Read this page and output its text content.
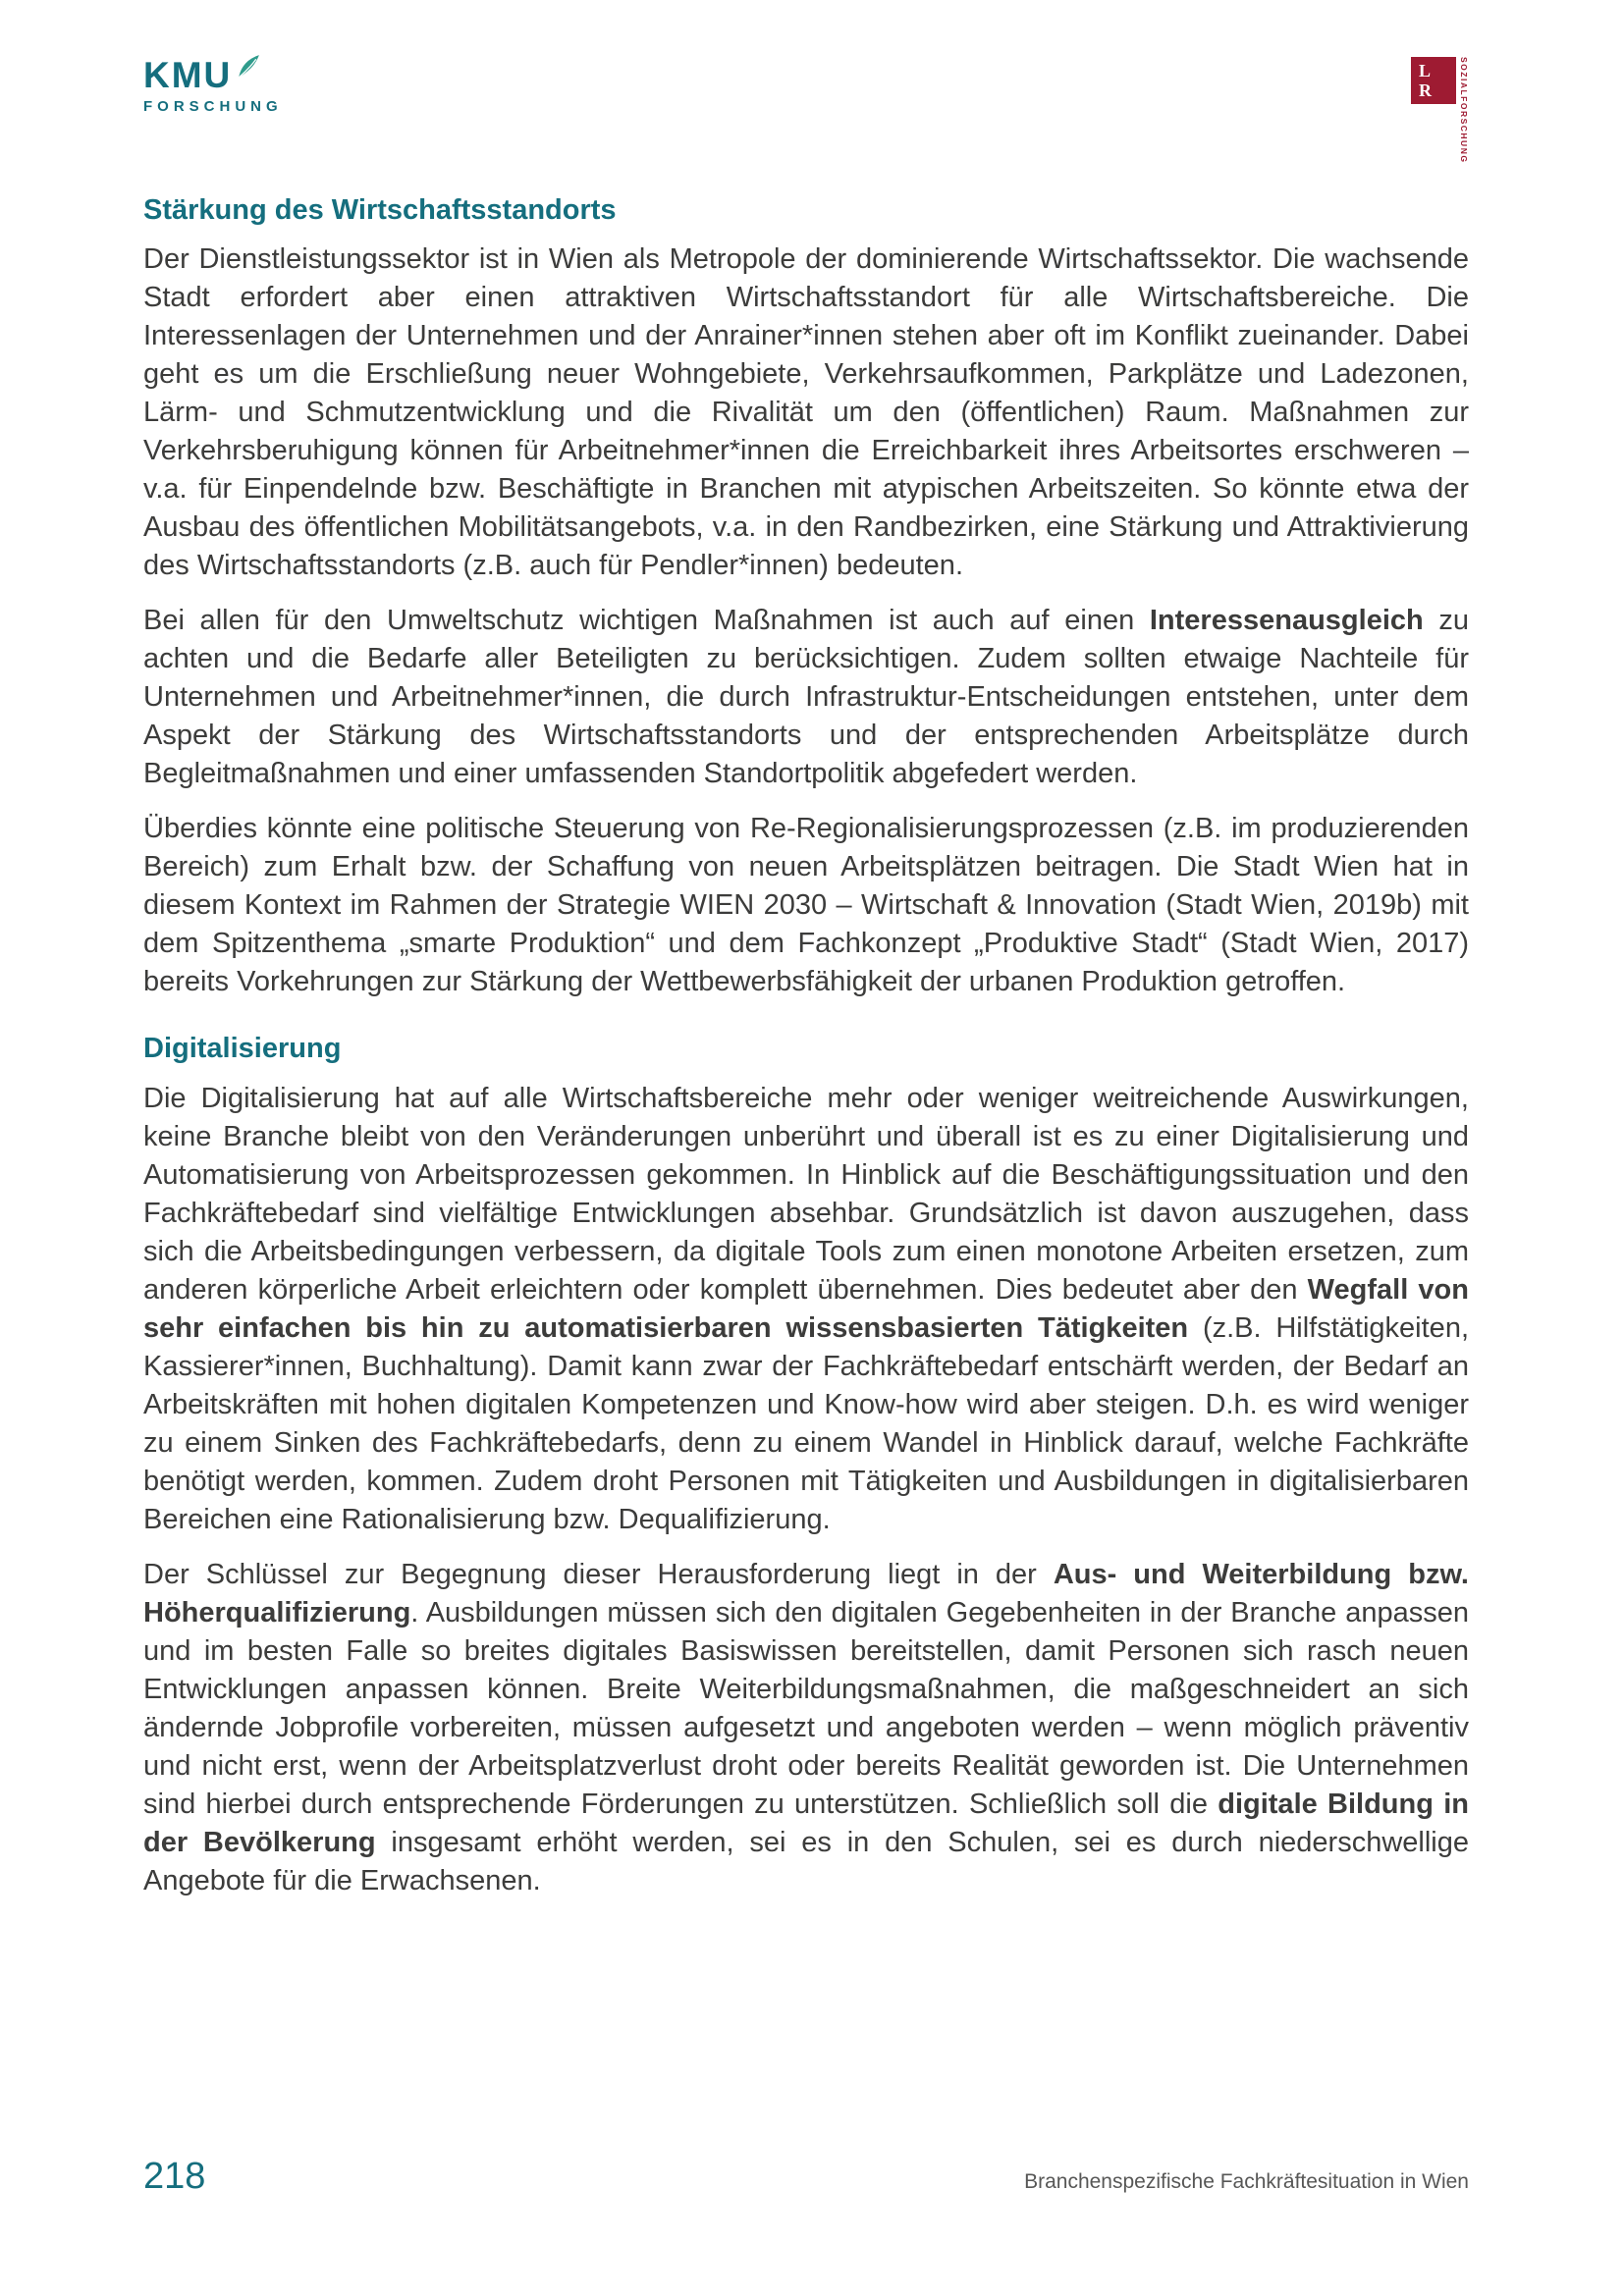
KMU
FORSCHUNG
L
R	SOZIALFORSCHUNG
Stärkung des Wirtschaftsstandorts

Der Dienstleistungssektor ist in Wien als Metropole der dominierende Wirtschaftssektor. Die wachsende Stadt erfordert aber einen attraktiven Wirtschaftsstandort für alle Wirtschaftsbereiche. Die Interessenlagen der Unternehmen und der Anrainer*innen stehen aber oft im Konflikt zueinander. Dabei geht es um die Erschließung neuer Wohngebiete, Verkehrsaufkommen, Parkplätze und Ladezonen, Lärm- und Schmutzentwicklung und die Rivalität um den (öffentlichen) Raum. Maßnahmen zur Verkehrsberuhigung können für Arbeitnehmer*innen die Erreichbarkeit ihres Arbeitsortes erschweren – v.a. für Einpendelnde bzw. Beschäftigte in Branchen mit atypischen Arbeitszeiten. So könnte etwa der Ausbau des öffentlichen Mobilitätsangebots, v.a. in den Randbezirken, eine Stärkung und Attraktivierung des Wirtschaftsstandorts (z.B. auch für Pendler*innen) bedeuten.

Bei allen für den Umweltschutz wichtigen Maßnahmen ist auch auf einen Interessenausgleich zu achten und die Bedarfe aller Beteiligten zu berücksichtigen. Zudem sollten etwaige Nachteile für Unternehmen und Arbeitnehmer*innen, die durch Infrastruktur-Entscheidungen entstehen, unter dem Aspekt der Stärkung des Wirtschaftsstandorts und der entsprechenden Arbeitsplätze durch Begleitmaßnahmen und einer umfassenden Standortpolitik abgefedert werden.

Überdies könnte eine politische Steuerung von Re-Regionalisierungsprozessen (z.B. im produzierenden Bereich) zum Erhalt bzw. der Schaffung von neuen Arbeitsplätzen beitragen. Die Stadt Wien hat in diesem Kontext im Rahmen der Strategie WIEN 2030 – Wirtschaft & Innovation (Stadt Wien, 2019b) mit dem Spitzenthema „smarte Produktion“ und dem Fachkonzept „Produktive Stadt“ (Stadt Wien, 2017) bereits Vorkehrungen zur Stärkung der Wettbewerbsfähigkeit der urbanen Produktion getroffen.

Digitalisierung

Die Digitalisierung hat auf alle Wirtschaftsbereiche mehr oder weniger weitreichende Auswirkungen, keine Branche bleibt von den Veränderungen unberührt und überall ist es zu einer Digitalisierung und Automatisierung von Arbeitsprozessen gekommen. In Hinblick auf die Beschäftigungssituation und den Fachkräftebedarf sind vielfältige Entwicklungen absehbar. Grundsätzlich ist davon auszugehen, dass sich die Arbeitsbedingungen verbessern, da digitale Tools zum einen monotone Arbeiten ersetzen, zum anderen körperliche Arbeit erleichtern oder komplett übernehmen. Dies bedeutet aber den Wegfall von sehr einfachen bis hin zu automatisierbaren wissensbasierten Tätigkeiten (z.B. Hilfstätigkeiten, Kassierer*innen, Buchhaltung). Damit kann zwar der Fachkräftebedarf entschärft werden, der Bedarf an Arbeitskräften mit hohen digitalen Kompetenzen und Know-how wird aber steigen. D.h. es wird weniger zu einem Sinken des Fachkräftebedarfs, denn zu einem Wandel in Hinblick darauf, welche Fachkräfte benötigt werden, kommen. Zudem droht Personen mit Tätigkeiten und Ausbildungen in digitalisierbaren Bereichen eine Rationalisierung bzw. Dequalifizierung.

Der Schlüssel zur Begegnung dieser Herausforderung liegt in der Aus- und Weiterbildung bzw. Höherqualifizierung. Ausbildungen müssen sich den digitalen Gegebenheiten in der Branche anpassen und im besten Falle so breites digitales Basiswissen bereitstellen, damit Personen sich rasch neuen Entwicklungen anpassen können. Breite Weiterbildungsmaßnahmen, die maßgeschneidert an sich ändernde Jobprofile vorbereiten, müssen aufgesetzt und angeboten werden – wenn möglich präventiv und nicht erst, wenn der Arbeitsplatzverlust droht oder bereits Realität geworden ist. Die Unternehmen sind hierbei durch entsprechende Förderungen zu unterstützen. Schließlich soll die digitale Bildung in der Bevölkerung insgesamt erhöht werden, sei es in den Schulen, sei es durch niederschwellige Angebote für die Erwachsenen.

218	Branchenspezifische Fachkräftesituation in Wien
